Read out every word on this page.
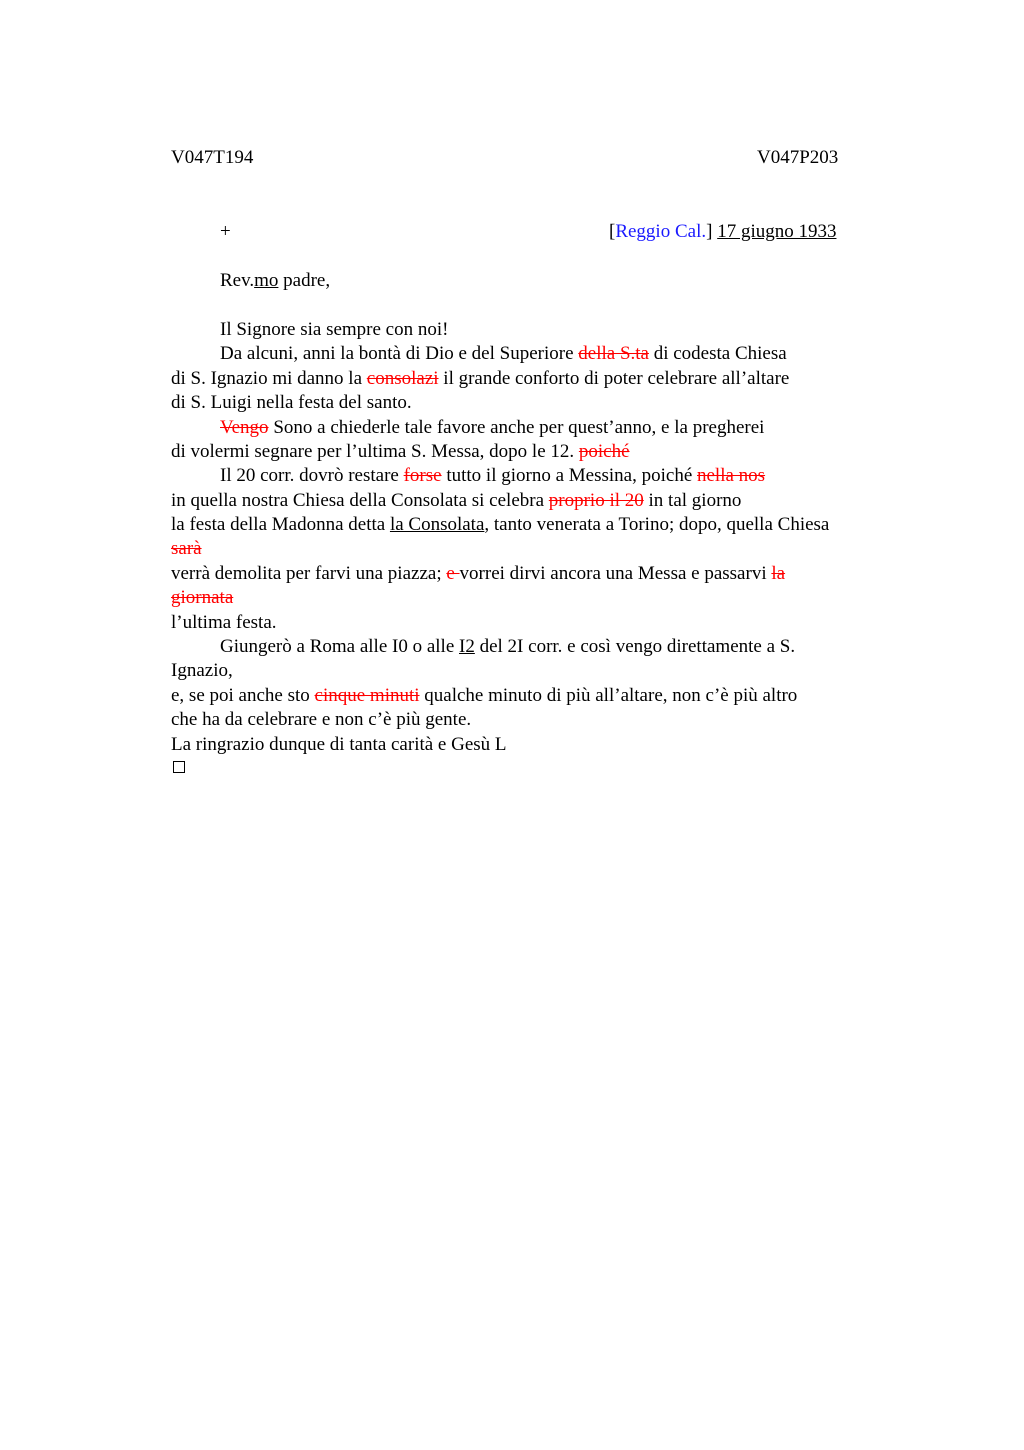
V047T194	V047P203
+	[Reggio Cal.] 17 giugno 1933
Rev.mo padre,
Il Signore sia sempre con noi!
Da alcuni, anni la bontà di Dio e del Superiore della S.ta di codesta Chiesa
di S. Ignazio mi danno la consolazi il grande conforto di poter celebrare all’altare
di S. Luigi nella festa del santo.
Vengo Sono a chiederle tale favore anche per quest’anno, e la pregherei
di volermi segnare per l’ultima S. Messa, dopo le 12. poiché
Il 20 corr. dovrò restare forse tutto il giorno a Messina, poiché nella nos
in quella nostra Chiesa della Consolata si celebra proprio il 20 in tal giorno
la festa della Madonna detta la Consolata, tanto venerata a Torino; dopo, quella Chiesa
sarà
verrà demolita per farvi una piazza; e vorrei dirvi ancora una Messa e passarvi la
giornata
l’ultima festa.
Giungerò a Roma alle I0 o alle I2 del 2I corr. e così vengo direttamente a S.
Ignazio,
e, se poi anche sto cinque minuti qualche minuto di più all’altare, non c’è più altro
che ha da celebrare e non c’è più gente.
La ringrazio dunque di tanta carità e Gesù L
